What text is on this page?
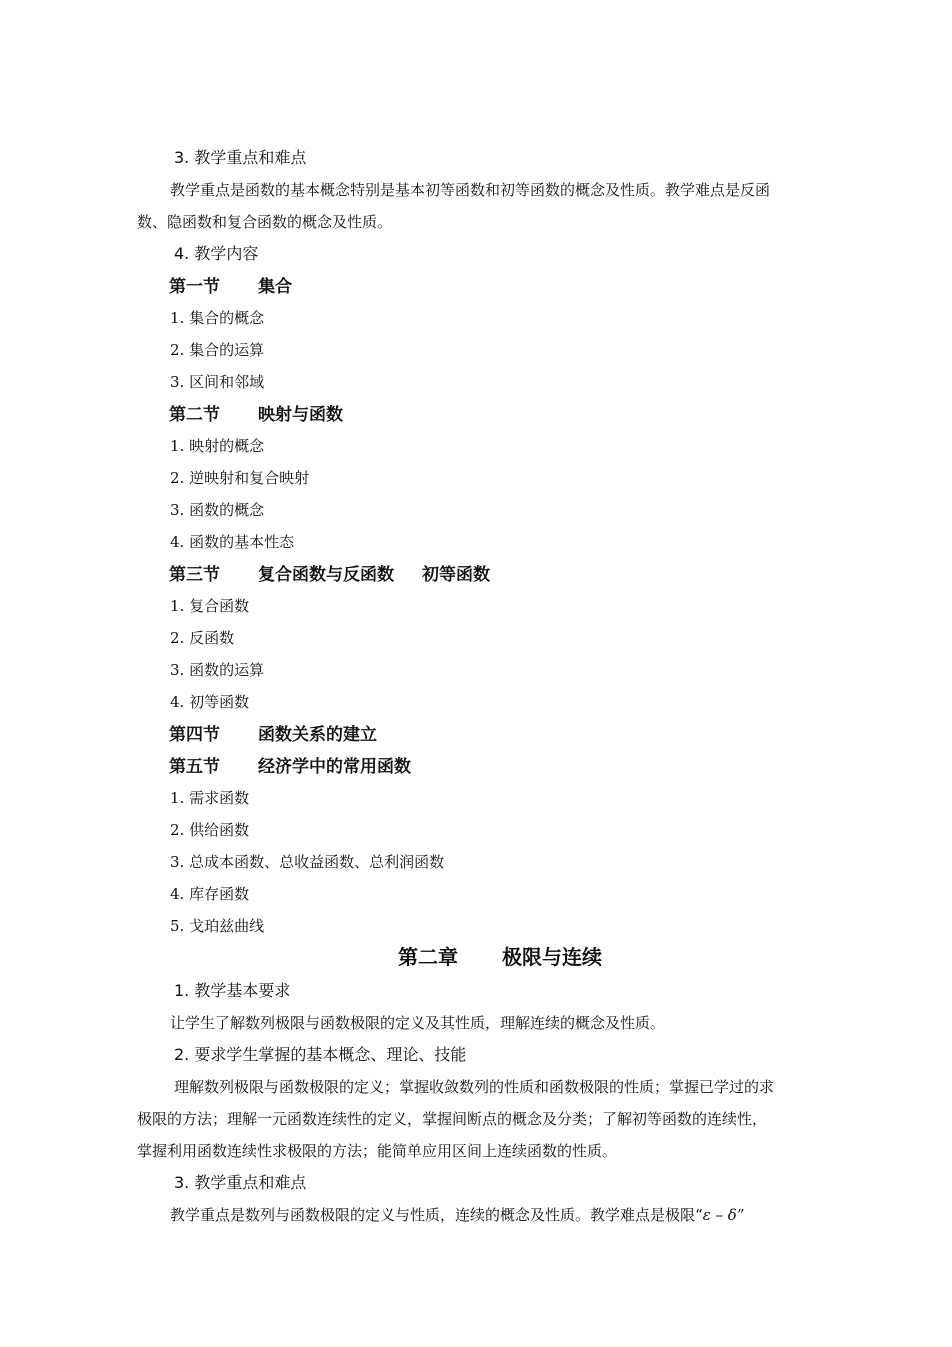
3. 教学重点和难点
教学重点是函数的基本概念特别是基本初等函数和初等函数的概念及性质。教学难点是反函
数、隐函数和复合函数的概念及性质。
4. 教学内容
第一节 集合
1. 集合的概念
2. 集合的运算
3. 区间和邻域
第二节 映射与函数
1. 映射的概念
2. 逆映射和复合映射
3. 函数的概念
4. 函数的基本性态
第三节 复合函数与反函数 初等函数
1. 复合函数
2. 反函数
3. 函数的运算
4. 初等函数
第四节 函数关系的建立
第五节 经济学中的常用函数
1. 需求函数
2. 供给函数
3. 总成本函数、总收益函数、总利润函数
4. 库存函数
5. 戈珀兹曲线
第二章 极限与连续
1. 教学基本要求
让学生了解数列极限与函数极限的定义及其性质，理解连续的概念及性质。
2. 要求学生掌握的基本概念、理论、技能
理解数列极限与函数极限的定义；掌握收敛数列的性质和函数极限的性质；掌握已学过的求
极限的方法；理解一元函数连续性的定义，掌握间断点的概念及分类；了解初等函数的连续性，
掌握利用函数连续性求极限的方法；能简单应用区间上连续函数的性质。
3. 教学重点和难点
教学重点是数列与函数极限的定义与性质，连续的概念及性质。教学难点是极限“ε – δ”
